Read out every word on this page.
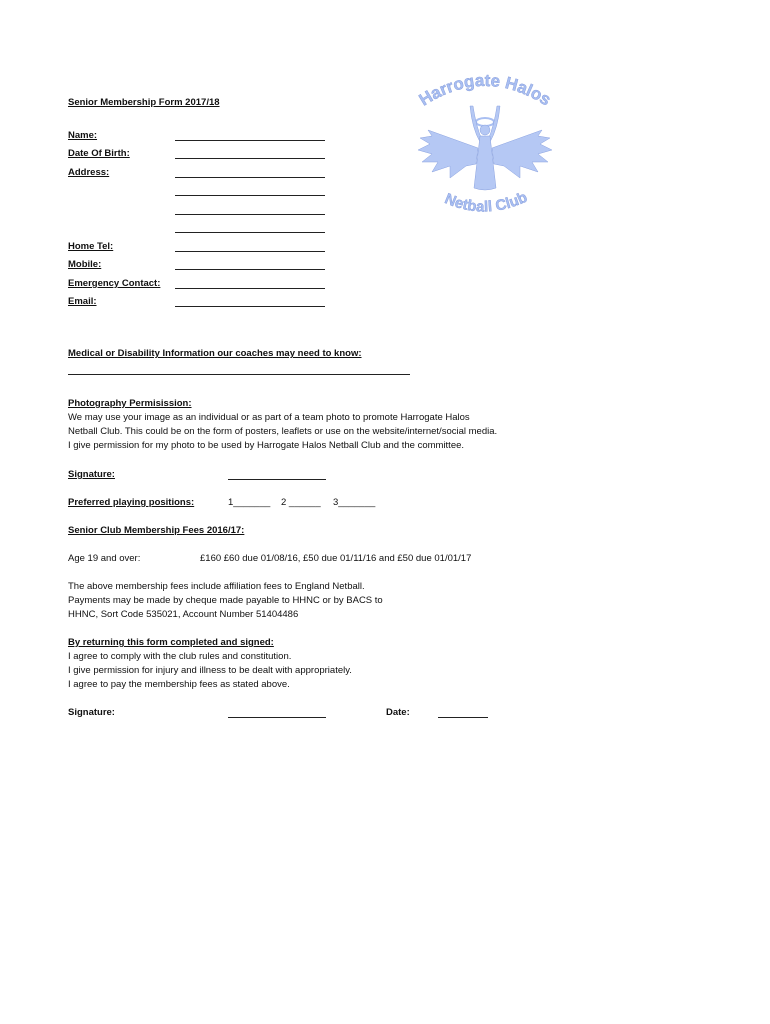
Senior Membership Form 2017/18	Harrogate Halos
Netball Club
Name:
Date Of Birth:
Address:
Home Tel:
Mobile:
Emergency Contact:
Email:
Medical or Disability Information our coaches may need to know:
Photography Permisission:
We may use your image as an individual or as part of a team photo to promote Harrogate Halos
Netball Club. This could be on the form of posters, leaflets or use on the website/internet/social media.
I give permission for my photo to be used by Harrogate Halos Netball Club and the committee.
Signature:
Preferred playing positions:	1_______ 2 ______ 3_______
Senior Club Membership Fees 2016/17:
Age 19 and over:	£160 £60 due 01/08/16, £50 due 01/11/16 and £50 due 01/01/17
The above membership fees include affiliation fees to England Netball.
Payments may be made by cheque made payable to HHNC or by BACS to
HHNC, Sort Code 535021, Account Number 51404486
By returning this form completed and signed:
I agree to comply with the club rules and constitution.
I give permission for injury and illness to be dealt with appropriately.
I agree to pay the membership fees as stated above.
Signature:	Date:
